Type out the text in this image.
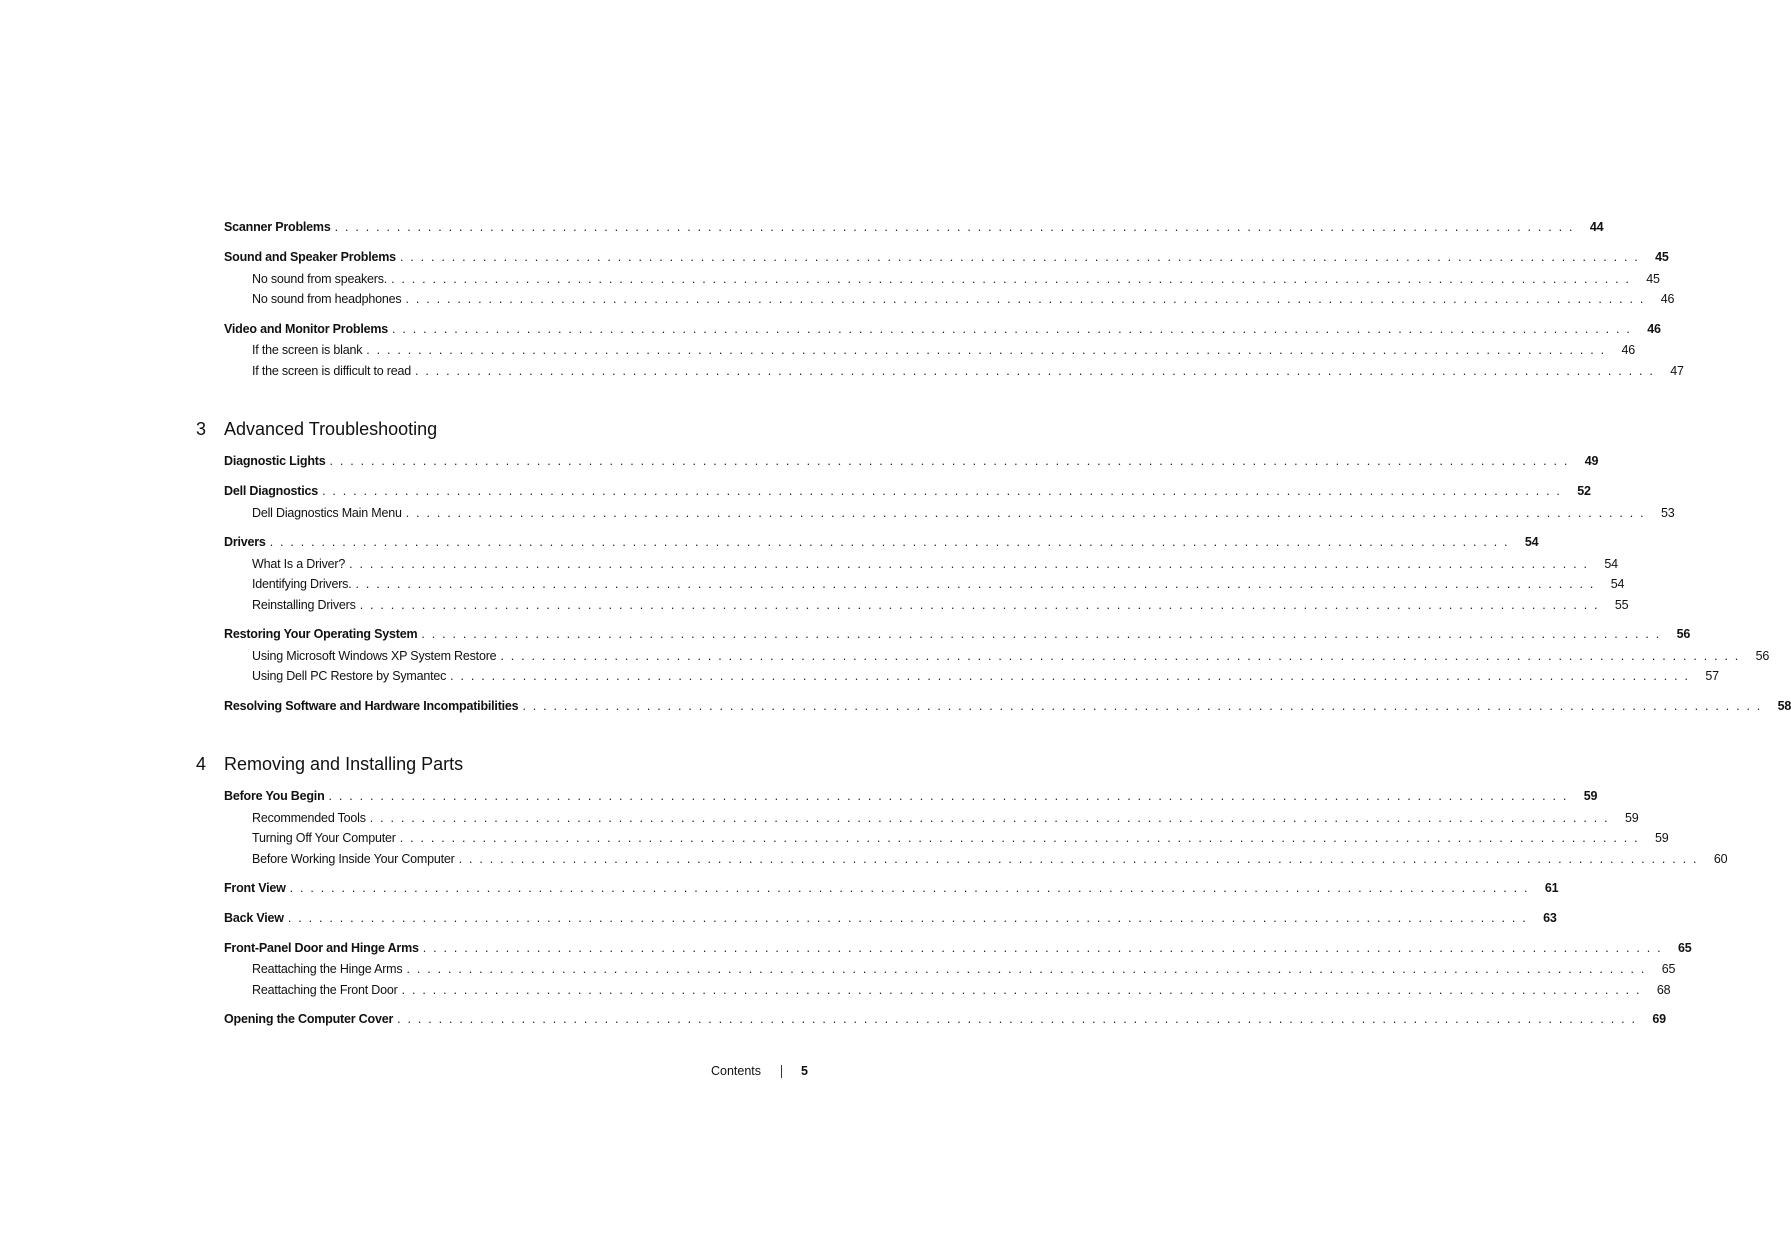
Scanner Problems ........................................................................................................................ 44
Sound and Speaker Problems ........................................................................................................................ 45
No sound from speakers. ........................................................................................................................ 45
No sound from headphones ........................................................................................................................ 46
Video and Monitor Problems ........................................................................................................................ 46
If the screen is blank ........................................................................................................................ 46
If the screen is difficult to read ........................................................................................................................ 47
3 Advanced Troubleshooting
Diagnostic Lights ........................................................................................................................ 49
Dell Diagnostics ........................................................................................................................ 52
Dell Diagnostics Main Menu ........................................................................................................................ 53
Drivers ........................................................................................................................ 54
What Is a Driver? ........................................................................................................................ 54
Identifying Drivers. ........................................................................................................................ 54
Reinstalling Drivers ........................................................................................................................ 55
Restoring Your Operating System ........................................................................................................................ 56
Using Microsoft Windows XP System Restore ........................................................................................................................ 56
Using Dell PC Restore by Symantec ........................................................................................................................ 57
Resolving Software and Hardware Incompatibilities ........................................................................................................................ 58
4 Removing and Installing Parts
Before You Begin ........................................................................................................................ 59
Recommended Tools ........................................................................................................................ 59
Turning Off Your Computer ........................................................................................................................ 59
Before Working Inside Your Computer ........................................................................................................................ 60
Front View ........................................................................................................................ 61
Back View ........................................................................................................................ 63
Front-Panel Door and Hinge Arms ........................................................................................................................ 65
Reattaching the Hinge Arms ........................................................................................................................ 65
Reattaching the Front Door ........................................................................................................................ 68
Opening the Computer Cover ........................................................................................................................ 69
Contents	5
